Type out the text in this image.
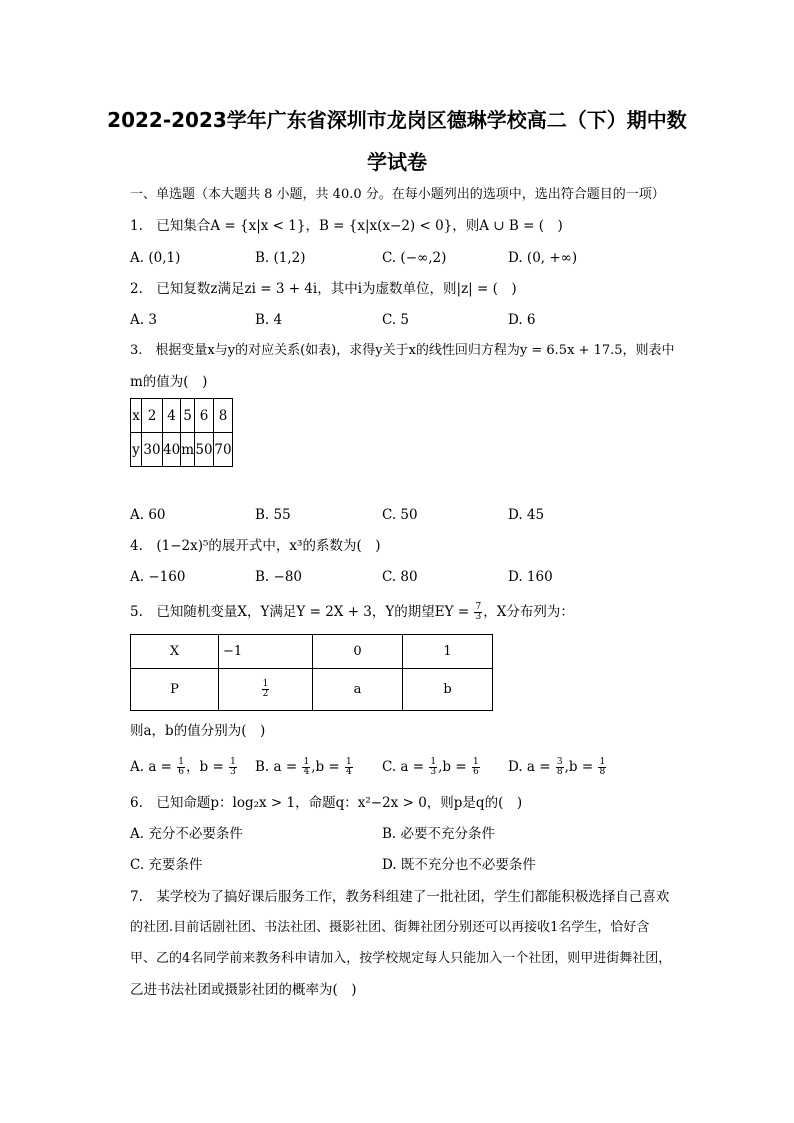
2022-2023学年广东省深圳市龙岗区德琳学校高二（下）期中数
学试卷
一、单选题（本大题共 8 小题，共 40.0 分。在每小题列出的选项中，选出符合题目的一项）
1.　已知集合A = {x|x < 1}，B = {x|x(x−2) < 0}，则A ∪ B = (　)
A. (0,1)	B. (1,2)	C. (−∞,2)	D. (0, +∞)
2.　已知复数z满足zi = 3 + 4i，其中i为虚数单位，则|z| = (　)
A. 3	B. 4	C. 5	D. 6
3.　根据变量x与y的对应关系(如表)，求得y关于x的线性回归方程为y = 6.5x + 17.5，则表中
m的值为(　)
x	2	4	5	6	8
y	30	40	m	50	70
A. 60	B. 55	C. 50	D. 45
4.　(1−2x)⁵的展开式中，x³的系数为(　)
A. −160	B. −80	C. 80	D. 160
5.　已知随机变量X，Y满足Y = 2X + 3，Y的期望EY = $\frac{7}{3}$ ，X分布列为：
X	−1	0	1
P	$\frac{1}{2}$	a	b
则a，b的值分别为(　)
A. $a = \frac{1}{6}$ ，$b = \frac{1}{3} B$. $a = \frac{1}{4} ,b = \frac{1}{4} C$. $a = \frac{1}{3} ,b = \frac{1}{6} D$. $a = \frac{3}{8} ,b = \frac{1}{8}$
6.　已知命题p：log₂x > 1，命题q：x²−2x > 0，则p是q的(　)
A. 充分不必要条件	B. 必要不充分条件
C. 充要条件	D. 既不充分也不必要条件
7.　某学校为了搞好课后服务工作，教务科组建了一批社团，学生们都能积极选择自己喜欢
的社团.目前话剧社团、书法社团、摄影社团、街舞社团分别还可以再接收1名学生，恰好含
甲、乙的4名同学前来教务科申请加入，按学校规定每人只能加入一个社团，则甲进街舞社团，
乙进书法社团或摄影社团的概率为(　)
